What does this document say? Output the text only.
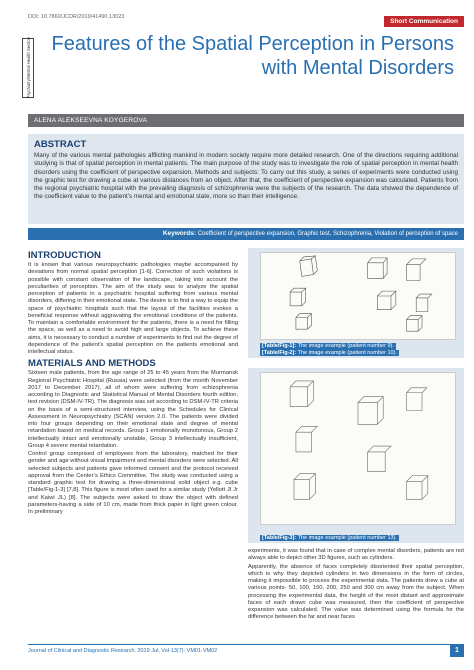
DOI: 10.7860/JCDR/2019/41490.13023
Short Communication
Psychiatry/Mental Health Section	Features of the Spatial Perception in Persons with Mental Disorders
ALENA ALEKSEEVNA KOYGEROVA
ABSTRACT

Many of the various mental pathologies afflicting mankind in modern society require more detailed research. One of the directions requiring additional studying is that of spatial perception in mental patients. The main purpose of the study was to investigate the role of spatial perception in mental health disorders using the coefficient of perspective expansion. Methods and subjects: To carry out this study, a series of experiments were conducted using the graphic test for drawing a cube at various distances from an object. After that, the coefficient of perspective expansion was calculated. Patients from the regional psychiatric hospital with the prevailing diagnosis of schizophrenia were the subjects of the research. The data showed the dependence of the coefficient value to the patient’s mental and emotional state, more so than their intelligence.

Keywords: Coefficient of perspective expansion, Graphic test, Schizophrenia, Violation of perception of space
INTRODUCTION

It is known that various neuropsychiatric pathologies maybe accompanied by deviations from normal spatial perception [1-6]. Correction of such violations is possible with constant observation of the landscape, taking into account the peculiarities of perception. The aim of the study was to analyze the spatial perception of patients in a psychiatric hospital suffering from various mental disorders, differing in their emotional state. The desire is to find a way to equip the space of psychiatric hospitals such that the layout of the facilities evokes a beneficial response without aggravating the emotional conditions of the patients. To maintain a comfortable environment for the patients, there is a need for filling the space, as well as a need to avoid high and large objects. To achieve these aims, it is necessary to conduct a number of experiments to find out the degree of dependence of the patient’s spatial perception on the patients emotional and intellectual status.

MATERIALS AND METHODS

Sixteen male patients, from the age range of 25 to 45 years from the Murmansk Regional Psychiatric Hospital (Russia) were selected (from the month November 2017 to December 2017), all of whom were suffering from schizophrenia according to Diagnostic and Statistical Manual of Mental Disorders fourth edition, text revision (DSM-IV-TR). The diagnosis was set according to DSM-IV-TR criteria on the basis of a semi-structured interview, using the Schedules for Clinical Assessment in Neuropsychiatry (SCAN) version 2.0. The patients were divided into four groups depending on their emotional state and degree of mental retardation based on medical records. Group 1 emotionally monotonous, Group 2 intellectually intact and emotionally unstable, Group 3 intellectually insufficient, Group 4 severe mental retardation.

Control group comprised of employees from the laboratory, matched for their gender and age without visual impairment and mental disorders were selected. All selected subjects and patients gave informed consent and the protocol received approval from the Center’s Ethics Committee. The study was conducted using a standard graphic test for drawing a three-dimensional solid object e.g. cube [Table/Fig-1-3] [7,8]. This figure is most often used for a similar study (Yellott JI Jr and Kaiwi JL) [8]. The subjects were asked to draw the object with defined parameters-having a side of 10 cm, made from thick paper in light green colour. In preliminary

[Table/Fig-1]: The image example (patient number 9).
[Table/Fig-2]: The image example (patient number 10).
[Table/Fig-3]: The image example (patient number 13).

experiments, it was found that in case of complex mental disorders, patients are not always able to depict other 3D figures, such as cylinders.

Apparently, the absence of faces completely disoriented their spatial perception, which is why they depicted cylinders in two dimensions in the form of circles, making it impossible to process the experimental data. The patients drew a cube at various points- 50, 100, 150, 200, 250 and 300 cm away from the subject. When processing the experimental data, the height of the most distant and approximate faces of each drawn cube was measured, then the coefficient of perspective expansion was calculated. The value was determined using the formula for the difference between the far and near faces

Journal of Clinical and Diagnostic Research. 2019 Jul, Vol-13(7): VM01-VM02	1
